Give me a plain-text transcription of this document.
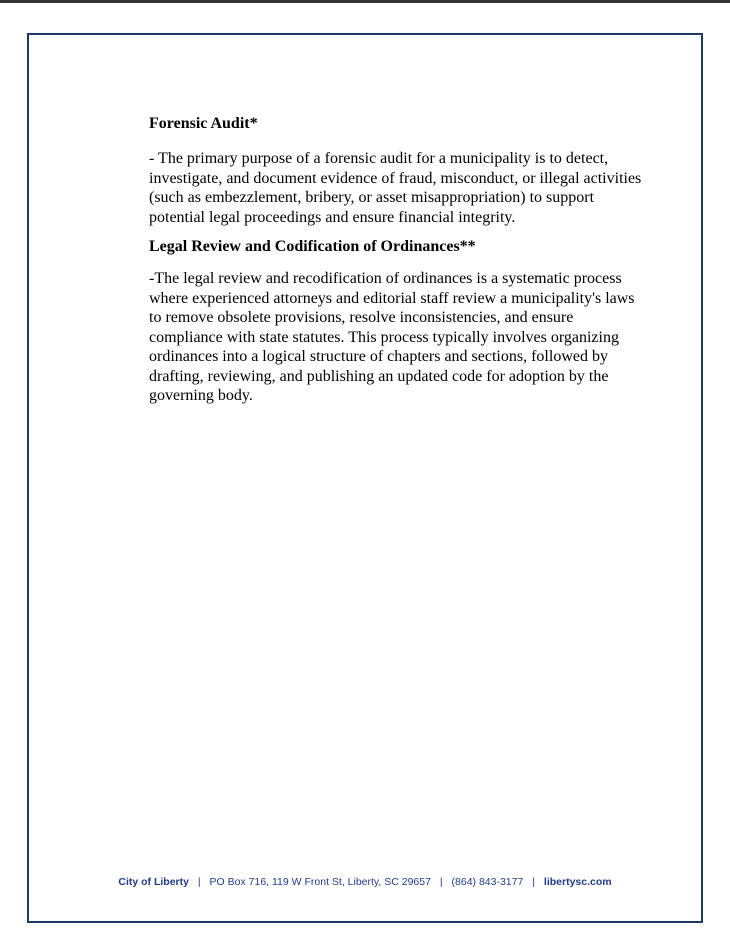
Forensic Audit*

- The primary purpose of a forensic audit for a municipality is to detect, investigate, and document evidence of fraud, misconduct, or illegal activities (such as embezzlement, bribery, or asset misappropriation) to support potential legal proceedings and ensure financial integrity.

Legal Review and Codification of Ordinances**

-The legal review and recodification of ordinances is a systematic process where experienced attorneys and editorial staff review a municipality's laws to remove obsolete provisions, resolve inconsistencies, and ensure compliance with state statutes. This process typically involves organizing ordinances into a logical structure of chapters and sections, followed by drafting, reviewing, and publishing an updated code for adoption by the governing body.

City of Liberty | PO Box 716, 119 W Front St, Liberty, SC 29657 | (864) 843-3177 | libertysc.com
